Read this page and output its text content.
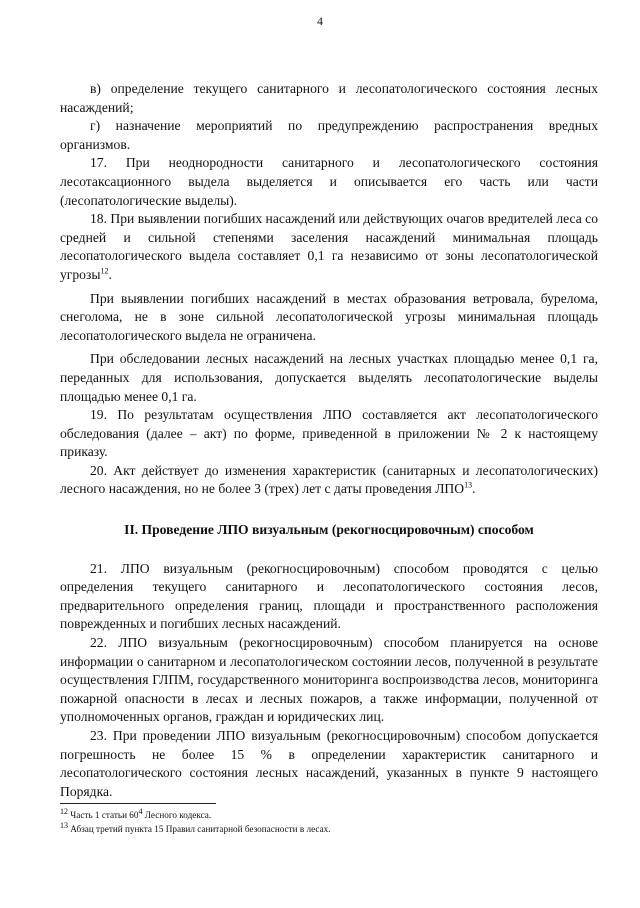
4

в) определение текущего санитарного и лесопатологического состояния лесных насаждений;

г) назначение мероприятий по предупреждению распространения вредных организмов.

17. При неоднородности санитарного и лесопатологического состояния лесотаксационного выдела выделяется и описывается его часть или части (лесопатологические выделы).

18. При выявлении погибших насаждений или действующих очагов вредителей леса со средней и сильной степенями заселения насаждений минимальная площадь лесопатологического выдела составляет 0,1 га независимо от зоны лесопатологической угрозы$^{12}$.

При выявлении погибших насаждений в местах образования ветровала, бурелома, снеголома, не в зоне сильной лесопатологической угрозы минимальная площадь лесопатологического выдела не ограничена.

При обследовании лесных насаждений на лесных участках площадью менее 0,1 га, переданных для использования, допускается выделять лесопатологические выделы площадью менее 0,1 га.

19. По результатам осуществления ЛПО составляется акт лесопатологического обследования (далее – акт) по форме, приведенной в приложении № 2 к настоящему приказу.

20. Акт действует до изменения характеристик (санитарных и лесопатологических) лесного насаждения, но не более 3 (трех) лет с даты проведения ЛПО$^{13}$.

II. Проведение ЛПО визуальным (рекогносцировочным) способом

21. ЛПО визуальным (рекогносцировочным) способом проводятся с целью определения текущего санитарного и лесопатологического состояния лесов, предварительного определения границ, площади и пространственного расположения поврежденных и погибших лесных насаждений.

22. ЛПО визуальным (рекогносцировочным) способом планируется на основе информации о санитарном и лесопатологическом состоянии лесов, полученной в результате осуществления ГЛПМ, государственного мониторинга воспроизводства лесов, мониторинга пожарной опасности в лесах и лесных пожаров, а также информации, полученной от уполномоченных органов, граждан и юридических лиц.

23. При проведении ЛПО визуальным (рекогносцировочным) способом допускается погрешность не более 15 % в определении характеристик санитарного и лесопатологического состояния лесных насаждений, указанных в пункте 9 настоящего Порядка.

$^{12}$ Часть 1 статьи $60^4$ Лесного кодекса.
$^{13}$ Абзац третий пункта 15 Правил санитарной безопасности в лесах.
